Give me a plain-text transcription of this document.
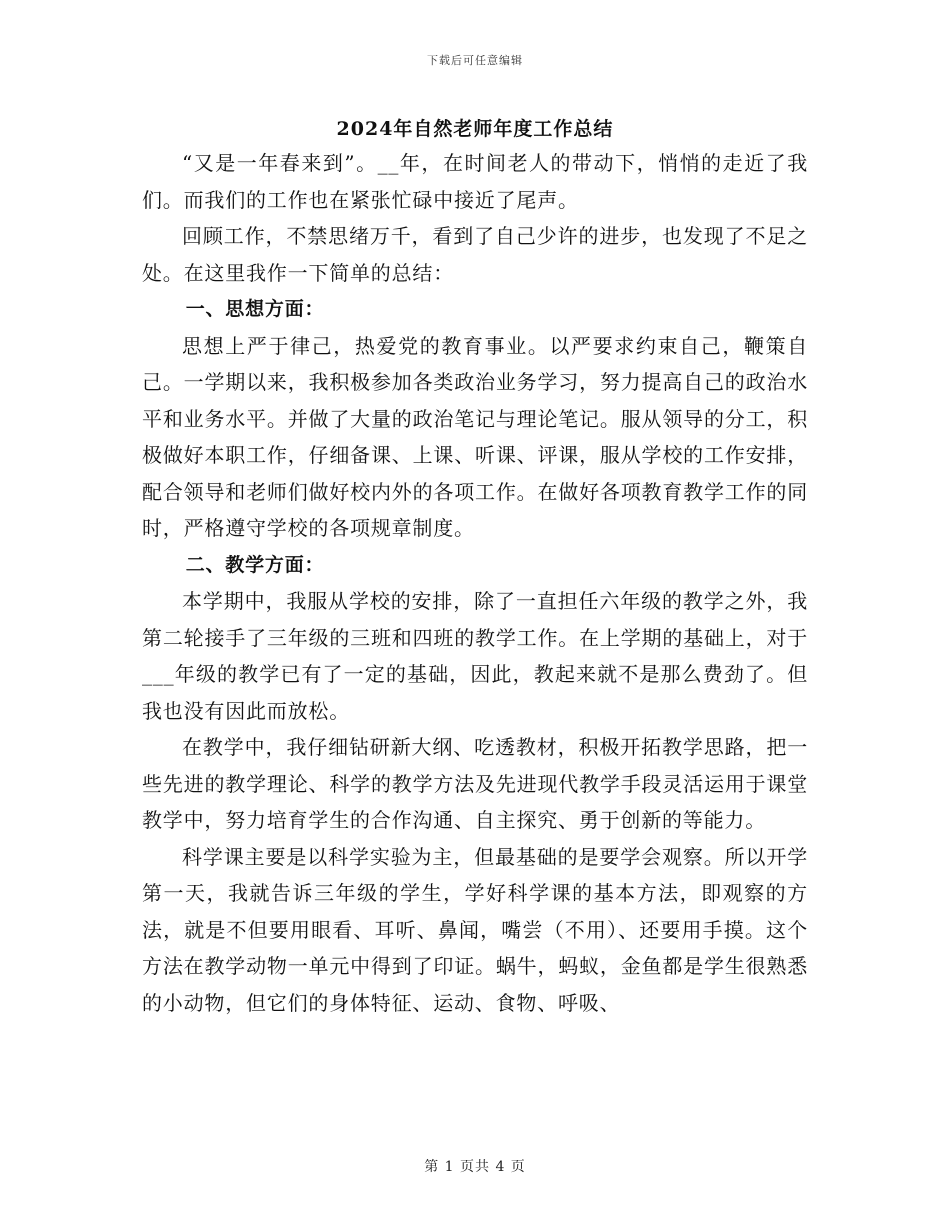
下载后可任意编辑
2024年自然老师年度工作总结

“又是一年春来到”。__年，在时间老人的带动下，悄悄的走近了我们。而我们的工作也在紧张忙碌中接近了尾声。

回顾工作，不禁思绪万千，看到了自己少许的进步，也发现了不足之处。在这里我作一下简单的总结：

一、思想方面：

思想上严于律己，热爱党的教育事业。以严要求约束自己，鞭策自己。一学期以来，我积极参加各类政治业务学习，努力提高自己的政治水平和业务水平。并做了大量的政治笔记与理论笔记。服从领导的分工，积极做好本职工作，仔细备课、上课、听课、评课，服从学校的工作安排，配合领导和老师们做好校内外的各项工作。在做好各项教育教学工作的同时，严格遵守学校的各项规章制度。

二、教学方面：

本学期中，我服从学校的安排，除了一直担任六年级的教学之外，我第二轮接手了三年级的三班和四班的教学工作。在上学期的基础上，对于___年级的教学已有了一定的基础，因此，教起来就不是那么费劲了。但我也没有因此而放松。

在教学中，我仔细钻研新大纲、吃透教材，积极开拓教学思路，把一些先进的教学理论、科学的教学方法及先进现代教学手段灵活运用于课堂教学中，努力培育学生的合作沟通、自主探究、勇于创新的等能力。

科学课主要是以科学实验为主，但最基础的是要学会观察。所以开学第一天，我就告诉三年级的学生，学好科学课的基本方法，即观察的方法，就是不但要用眼看、耳听、鼻闻，嘴尝（不用）、还要用手摸。这个方法在教学动物一单元中得到了印证。蜗牛，蚂蚁，金鱼都是学生很熟悉的小动物，但它们的身体特征、运动、食物、呼吸、

第 1 页共 4 页
